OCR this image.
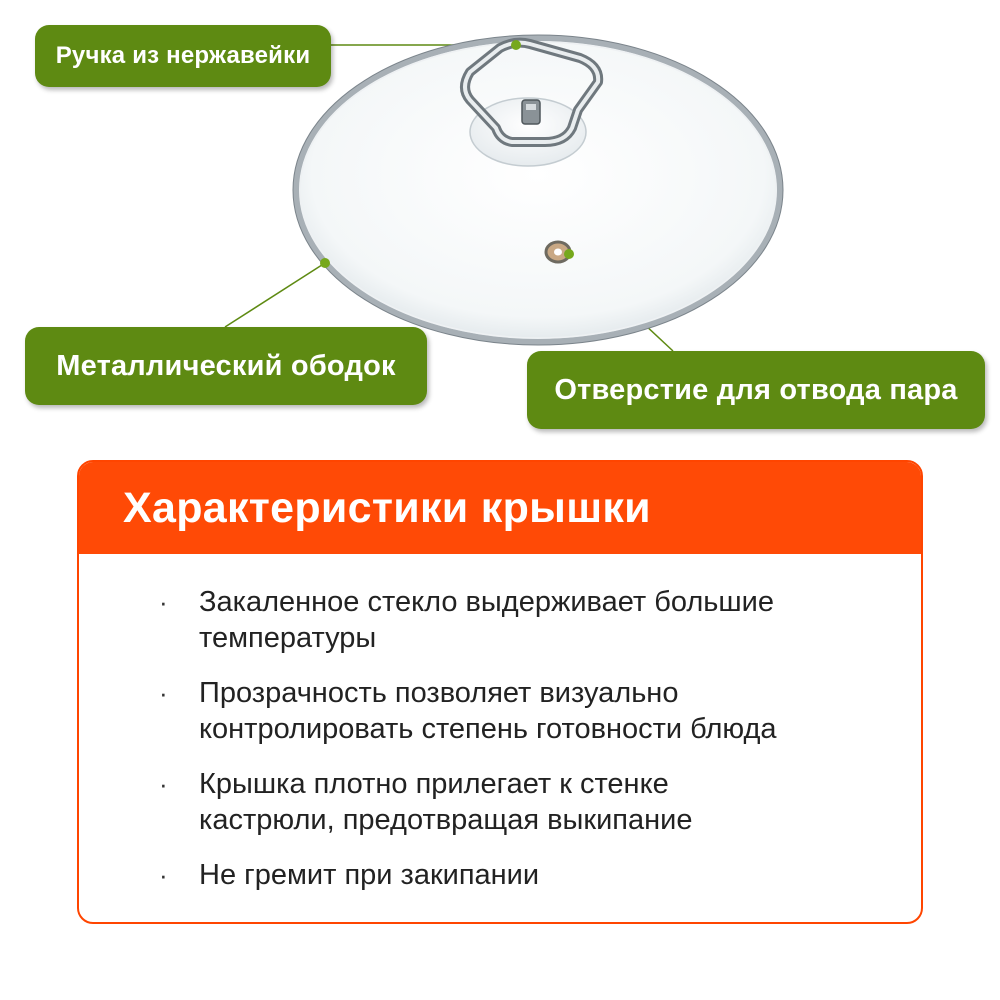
Ручка из нержавейки
Металлический ободок
Отверстие для отвода пара
Характеристики крышки
· Закаленное стекло выдерживает большие
температуры
· Прозрачность позволяет визуально
контролировать степень готовности блюда
· Крышка плотно прилегает к стенке
кастрюли, предотвращая выкипание
· Не гремит при закипании
